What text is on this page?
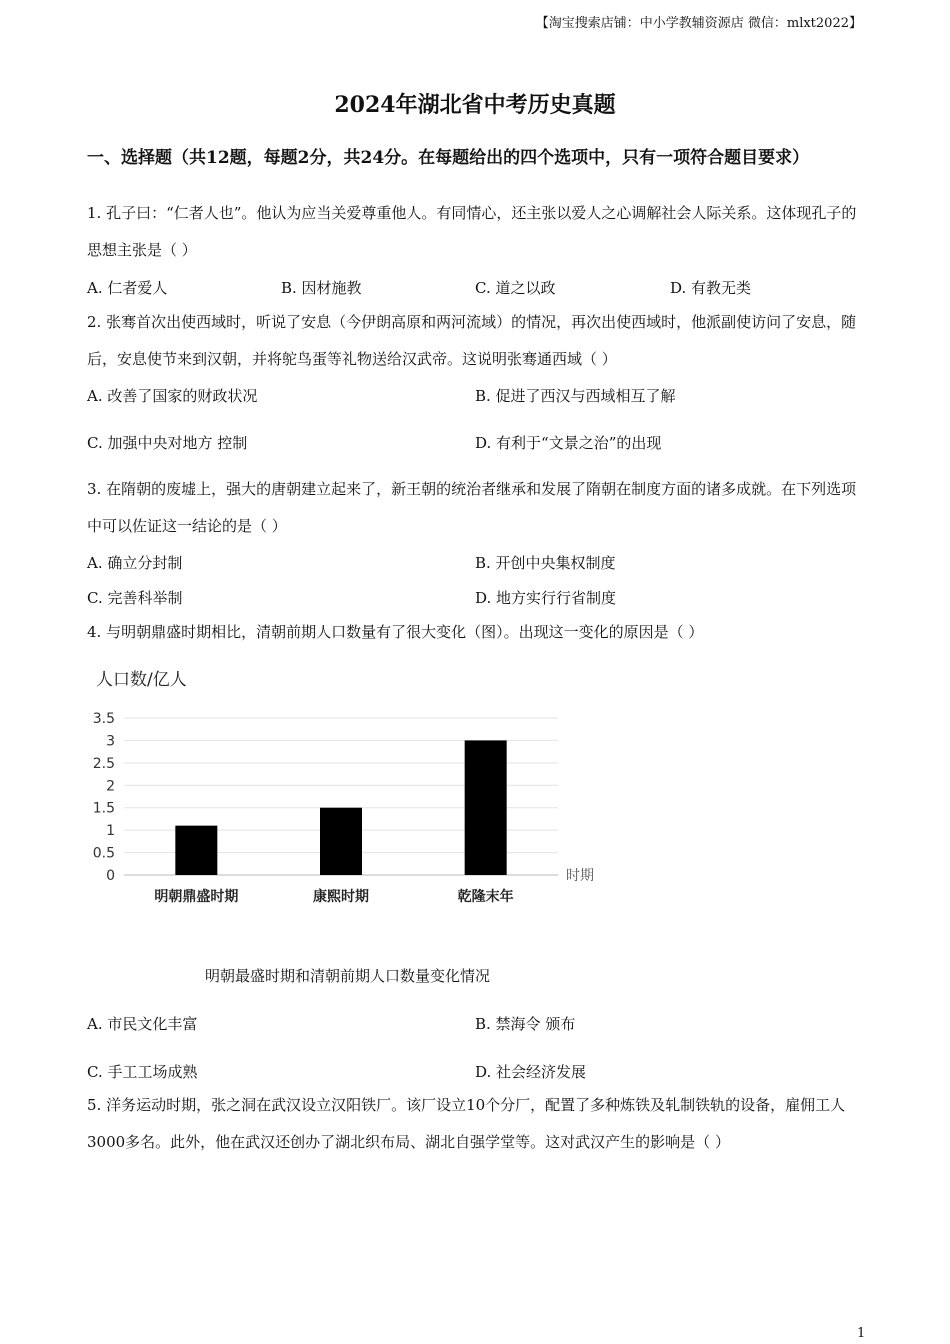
【淘宝搜索店铺：中小学教辅资源店 微信：mlxt2022】
2024年湖北省中考历史真题
一、选择题（共12题，每题2分，共24分。在每题给出的四个选项中，只有一项符合题目要求）
1. 孔子曰：“仁者人也”。他认为应当关爱尊重他人。有同情心，还主张以爱人之心调解社会人际关系。这体现孔子的思想主张是（ ）
A. 仁者爱人	B. 因材施教	C. 道之以政	D. 有教无类
2. 张骞首次出使西域时，听说了安息（今伊朗高原和两河流域）的情况，再次出使西域时，他派副使访问了安息，随后，安息使节来到汉朝，并将鸵鸟蛋等礼物送给汉武帝。这说明张骞通西域（ ）
A. 改善了国家的财政状况	B. 促进了西汉与西域相互了解
C. 加强中央对地方 控制	D. 有利于“文景之治”的出现
3. 在隋朝的废墟上，强大的唐朝建立起来了，新王朝的统治者继承和发展了隋朝在制度方面的诸多成就。在下列选项中可以佐证这一结论的是（ ）
A. 确立分封制	B. 开创中央集权制度
C. 完善科举制	D. 地方实行行省制度
4. 与明朝鼎盛时期相比，清朝前期人口数量有了很大变化（图）。出现这一变化的原因是（ ）
人口数/亿人
时期
0
0.5
1
1.5
2
2.5
3
3.5
明朝鼎盛时期	康熙时期	乾隆末年
明朝最盛时期和清朝前期人口数量变化情况
A. 市民文化丰富	B. 禁海令 颁布
C. 手工工场成熟	D. 社会经济发展
5. 洋务运动时期，张之洞在武汉设立汉阳铁厂。该厂设立10个分厂，配置了多种炼铁及轧制铁轨的设备，雇佣工人3000多名。此外，他在武汉还创办了湖北织布局、湖北自强学堂等。这对武汉产生的影响是（ ）
1
